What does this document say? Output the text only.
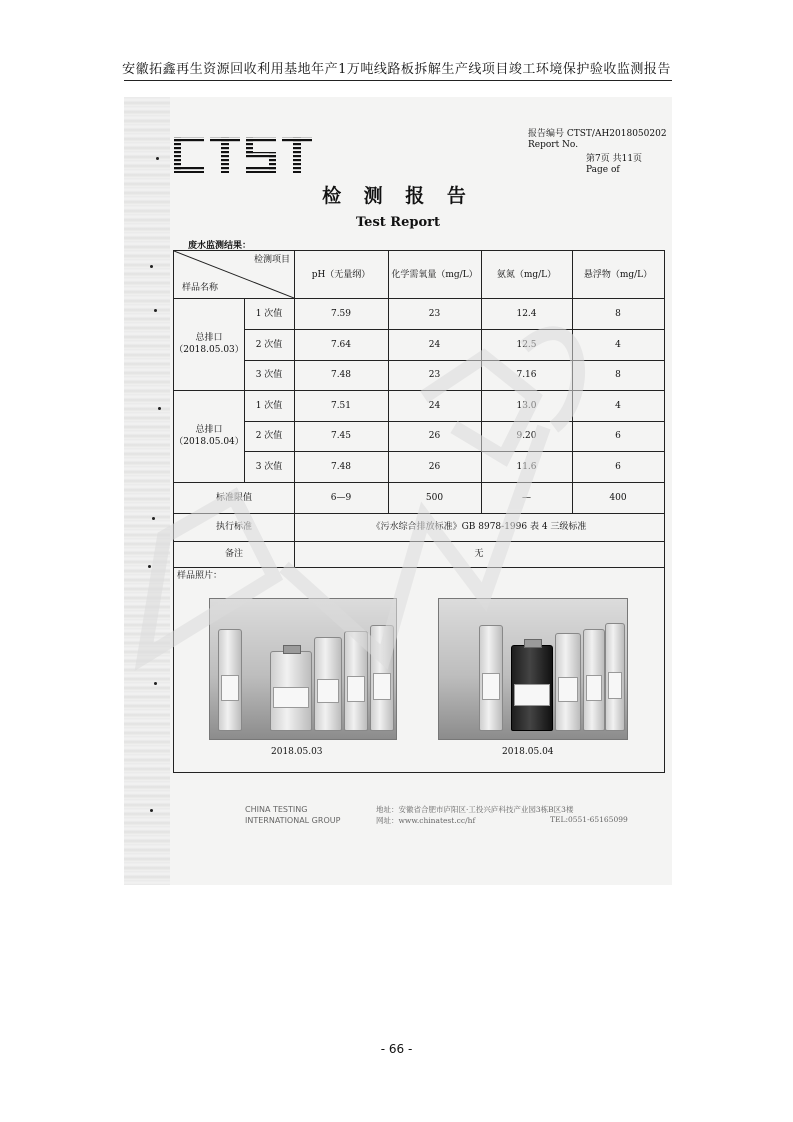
安徽拓鑫再生资源回收利用基地年产1万吨线路板拆解生产线项目竣工环境保护验收监测报告
报告编号 CTST/AH2018050202
Report No.
第7页 共11页
Page of
检 测 报 告
Test Report
废水监测结果：
检测项目
样品名称
pH（无量纲）	化学需氧量（mg/L）	氨氮（mg/L）	悬浮物（mg/L）
总排口
（2018.05.03）
1 次值	7.59	23	12.4	8
2 次值	7.64	24	12.5	4
3 次值	7.48	23	7.16	8
总排口
（2018.05.04）
1 次值	7.51	24	13.0	4
2 次值	7.45	26	9.20	6
3 次值	7.48	26	11.6	6
标准限值	6—9	500	—	400
执行标准	《污水综合排放标准》GB 8978-1996 表 4 三级标准
备注	无
样品照片：
2018.05.03	2018.05.04
CHINA TESTING
INTERNATIONAL GROUP
地址：安徽省合肥市庐阳区·工投兴庐科技产业园3栋B区3楼
网址：www.chinatest.cc/hf	TEL:0551-65165099
- 66 -
